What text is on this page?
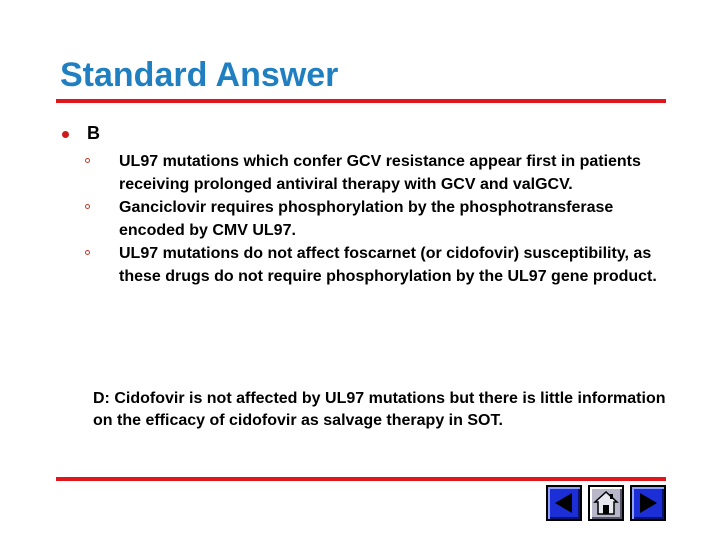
Standard Answer
B
UL97 mutations which confer GCV resistance appear first in patients receiving prolonged antiviral therapy with GCV and valGCV.
Ganciclovir requires phosphorylation by the phosphotransferase encoded by CMV UL97.
UL97 mutations do not affect foscarnet (or cidofovir) susceptibility, as these drugs do not require phosphorylation by the UL97 gene product.
D: Cidofovir is not affected by UL97 mutations but there is little information on the efficacy of cidofovir as salvage therapy in SOT.
